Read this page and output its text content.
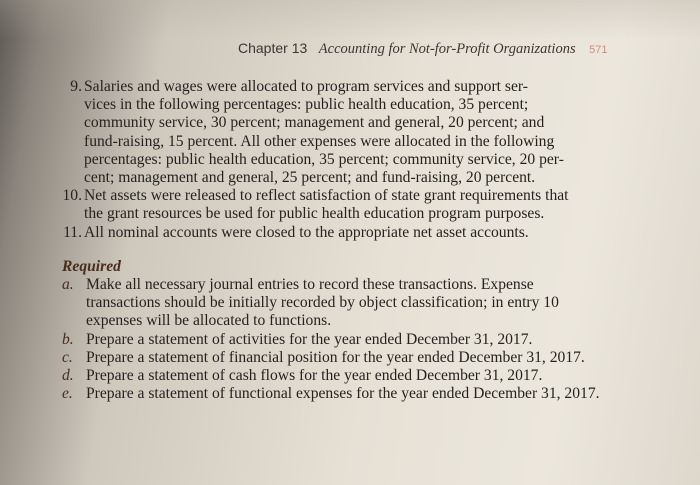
Chapter 13 Accounting for Not-for-Profit Organizations 571
9. Salaries and wages were allocated to program services and support ser-
vices in the following percentages: public health education, 35 percent;
community service, 30 percent; management and general, 20 percent; and
fund-raising, 15 percent. All other expenses were allocated in the following
percentages: public health education, 35 percent; community service, 20 per-
cent; management and general, 25 percent; and fund-raising, 20 percent.
10. Net assets were released to reflect satisfaction of state grant requirements that
the grant resources be used for public health education program purposes.
11. All nominal accounts were closed to the appropriate net asset accounts.
Required
a. Make all necessary journal entries to record these transactions. Expense
transactions should be initially recorded by object classification; in entry 10
expenses will be allocated to functions.
b. Prepare a statement of activities for the year ended December 31, 2017.
c. Prepare a statement of financial position for the year ended December 31, 2017.
d. Prepare a statement of cash flows for the year ended December 31, 2017.
e. Prepare a statement of functional expenses for the year ended December 31, 2017.
